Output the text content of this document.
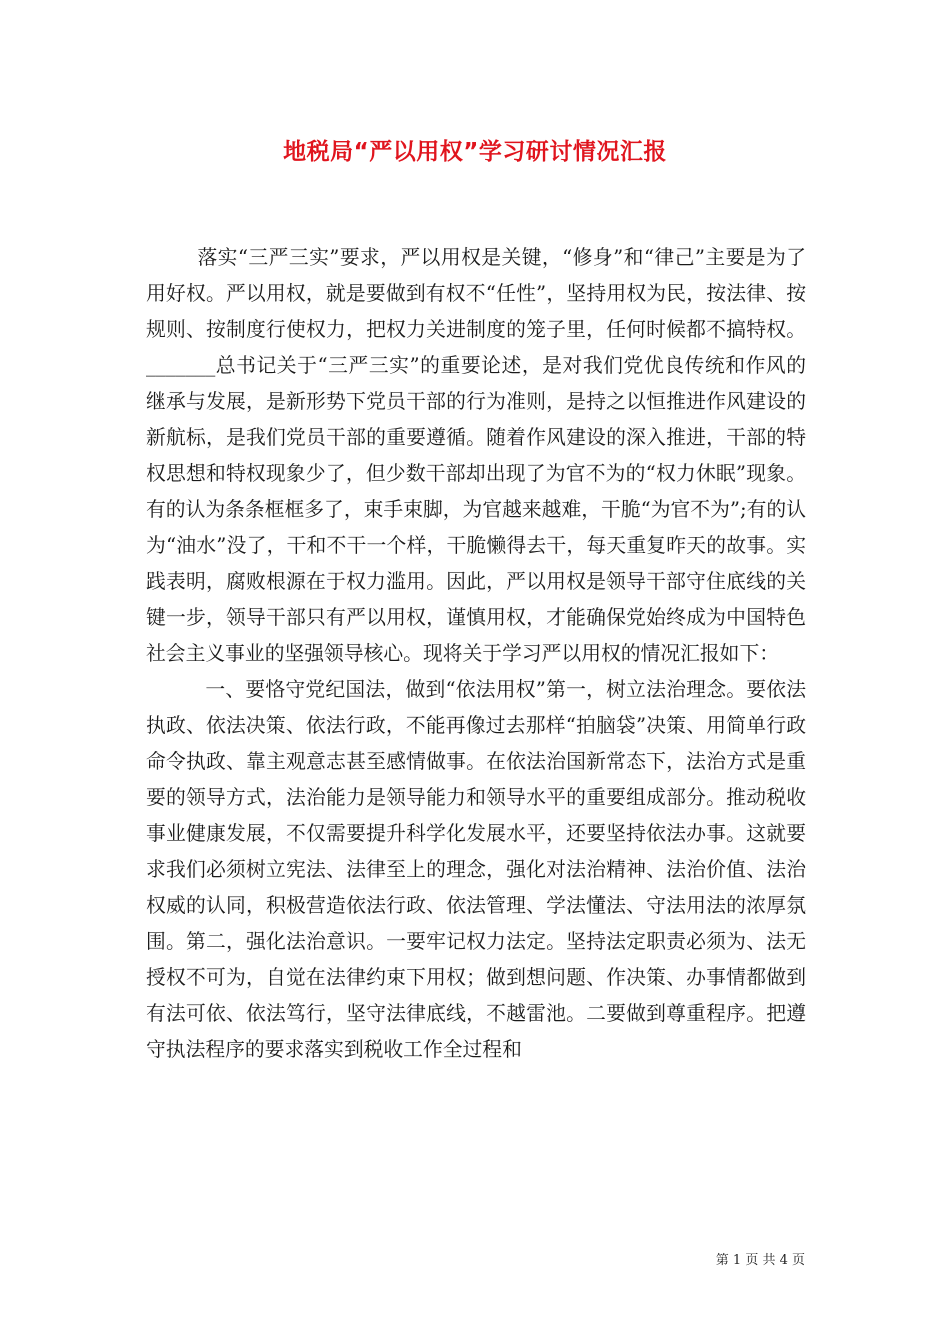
地税局“严以用权”学习研讨情况汇报

落实“三严三实”要求，严以用权是关键，“修身”和“律己”主要是为了用好权。严以用权，就是要做到有权不“任性”，坚持用权为民，按法律、按规则、按制度行使权力，把权力关进制度的笼子里，任何时候都不搞特权。_______总书记关于“三严三实”的重要论述，是对我们党优良传统和作风的继承与发展，是新形势下党员干部的行为准则，是持之以恒推进作风建设的新航标，是我们党员干部的重要遵循。随着作风建设的深入推进，干部的特权思想和特权现象少了，但少数干部却出现了为官不为的“权力休眠”现象。有的认为条条框框多了，束手束脚，为官越来越难，干脆“为官不为”;有的认为“油水”没了，干和不干一个样，干脆懒得去干，每天重复昨天的故事。实践表明，腐败根源在于权力滥用。因此，严以用权是领导干部守住底线的关键一步，领导干部只有严以用权，谨慎用权，才能确保党始终成为中国特色社会主义事业的坚强领导核心。现将关于学习严以用权的情况汇报如下：

一、要恪守党纪国法，做到“依法用权”第一，树立法治理念。要依法执政、依法决策、依法行政，不能再像过去那样“拍脑袋”决策、用简单行政命令执政、靠主观意志甚至感情做事。在依法治国新常态下，法治方式是重要的领导方式，法治能力是领导能力和领导水平的重要组成部分。推动税收事业健康发展，不仅需要提升科学化发展水平，还要坚持依法办事。这就要求我们必须树立宪法、法律至上的理念，强化对法治精神、法治价值、法治权威的认同，积极营造依法行政、依法管理、学法懂法、守法用法的浓厚氛围。第二，强化法治意识。一要牢记权力法定。坚持法定职责必须为、法无授权不可为，自觉在法律约束下用权；做到想问题、作决策、办事情都做到有法可依、依法笃行，坚守法律底线，不越雷池。二要做到尊重程序。把遵守执法程序的要求落实到税收工作全过程和

第 1 页 共 4 页
